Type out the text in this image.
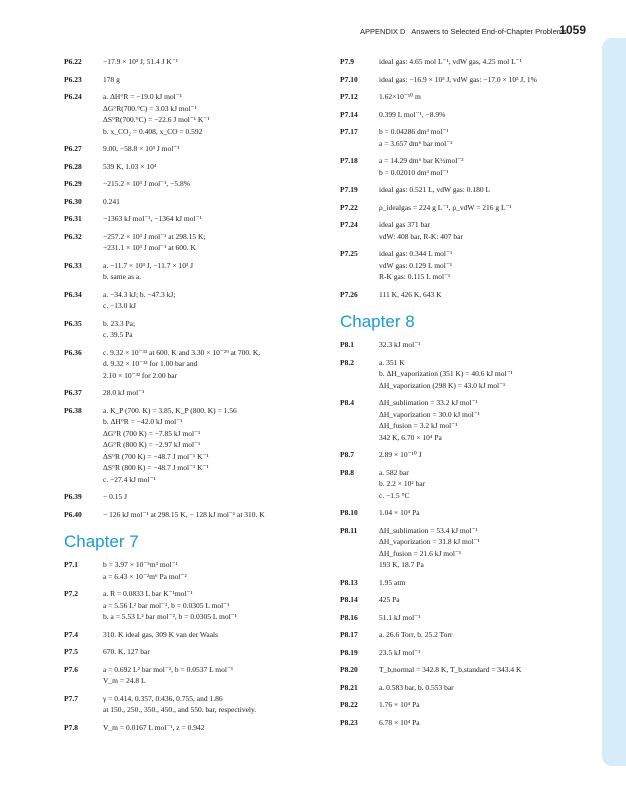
APPENDIX D Answers to Selected End-of-Chapter Problems
1059
P6.22	−17.9 × 10³ J, 51.4 J K⁻¹
P6.23	178 g
P6.24	a. ΔH°R = −19.0 kJ mol⁻¹
ΔG°R(700.°C) = 3.03 kJ mol⁻¹
ΔS°R(700.°C) = −22.6 J mol⁻¹ K⁻¹
b. x_CO₂ = 0.408, x_CO = 0.592
P6.27	9.00, −58.8 × 10³ J mol⁻¹
P6.28	539 K, 1.03 × 10⁴
P6.29	−215.2 × 10³ J mol⁻¹, −5.8%
P6.30	0.241
P6.31	−1363 kJ mol⁻¹, −1364 kJ mol⁻¹
P6.32	−257.2 × 10³ J mol⁻¹ at 298.15 K;
−231.1 × 10³ J mol⁻¹ at 600. K
P6.33	a. −11.7 × 10³ J, −11.7 × 10³ J
b. same as a.
P6.34	a. −34.3 kJ; b. −47.3 kJ;
c. −13.0 kJ
P6.35	b. 23.3 Pa;
c. 39.5 Pa
P6.36	c. 9.32 × 10⁻³³ at 600. K and 3.30 × 10⁻²⁹ at 700. K,
d. 9.32 × 10⁻³³ for 1.00 bar and
2.10 × 10⁻³² for 2.00 bar
P6.37	28.0 kJ mol⁻¹
P6.38	a. K_P (700. K) = 3.85, K_P (800. K) = 1.56
b. ΔH°R = −42.0 kJ mol⁻¹
ΔG°R (700 K) = −7.85 kJ mol⁻¹
ΔG°R (800 K) = −2.97 kJ mol⁻¹
ΔS°R (700 K) = −48.7 J mol⁻¹ K⁻¹
ΔS°R (800 K) = −48.7 J mol⁻¹ K⁻¹
c. −27.4 kJ mol⁻¹
P6.39	− 0.15 J
P6.40	− 126 kJ mol⁻¹ at 298.15 K, − 128 kJ mol⁻¹ at 310. K
Chapter 7
P7.1	b = 3.97 × 10⁻⁵m³ mol⁻¹
a = 6.43 × 10⁻²m⁶ Pa mol⁻²
P7.2	a. R = 0.0833 L bar K⁻¹mol⁻¹
a = 5.56 L² bar mol⁻², b = 0.0305 L mol⁻¹
b. a = 5.53 L² bar mol⁻², b = 0.0305 L mol⁻¹
P7.4	310. K ideal gas, 309 K van der Waals
P7.5	670. K, 127 bar
P7.6	a = 0.692 L² bar mol⁻², b = 0.0537 L mol⁻¹
V_m = 24.8 L
P7.7	γ = 0.414, 0.357, 0.436, 0.755, and 1.86
at 150., 250., 350., 450., and 550. bar, respectively.
P7.8	V_m = 0.0167 L mol⁻¹, z = 0.942
P7.9	ideal gas: 4.65 mol L⁻¹, vdW gas, 4.25 mol L⁻¹
P7.10	ideal gas: −16.9 × 10³ J, vdW gas: −17.0 × 10³ J, 1%
P7.12	1.62×10⁻¹⁰ m
P7.14	0.399 L mol⁻¹, −8.9%
P7.17	b = 0.04286 dm³ mol⁻¹
a = 3.657 dm⁶ bar mol⁻²
P7.18	a = 14.29 dm⁶ bar K½mol⁻²
b = 0.02010 dm³ mol⁻¹
P7.19	ideal gas: 0.521 L, vdW gas: 0.180 L
P7.22	ρ_idealgas = 224 g L⁻¹, ρ_vdW = 216 g L⁻¹
P7.24	ideal gas 371 bar
vdW: 408 bar, R-K: 407 bar
P7.25	ideal gas: 0.344 L mol⁻¹
vdW gas: 0.129 L mol⁻¹
R-K gas: 0.115 L mol⁻¹
P7.26	111 K, 426 K, 643 K
Chapter 8
P8.1	32.3 kJ mol⁻¹
P8.2	a. 351 K
b. ΔH_vaporization (351 K) = 40.6 kJ mol⁻¹
ΔH_vaporization (298 K) = 43.0 kJ mol⁻¹
P8.4	ΔH_sublimation = 33.2 kJ mol⁻¹
ΔH_vaporization = 30.0 kJ mol⁻¹
ΔH_fusion = 3.2 kJ mol⁻¹
342 K, 6.70 × 10⁴ Pa
P8.7	2.89 × 10⁻¹⁰ J
P8.8	a. 582 bar
b. 2.2 × 10² bar
c. −1.5 °C
P8.10	1.04 × 10⁴ Pa
P8.11	ΔH_sublimation = 53.4 kJ mol⁻¹
ΔH_vaporization = 31.8 kJ mol⁻¹
ΔH_fusion = 21.6 kJ mol⁻¹
193 K, 18.7 Pa
P8.13	1.95 atm
P8.14	425 Pa
P8.16	51.1 kJ mol⁻¹
P8.17	a. 26.6 Torr, b. 25.2 Torr
P8.19	23.5 kJ mol⁻¹
P8.20	T_b,normal = 342.8 K, T_b,standard = 343.4 K
P8.21	a. 0.583 bar, b. 0.553 bar
P8.22	1.76 × 10⁴ Pa
P8.23	6.78 × 10⁴ Pa
